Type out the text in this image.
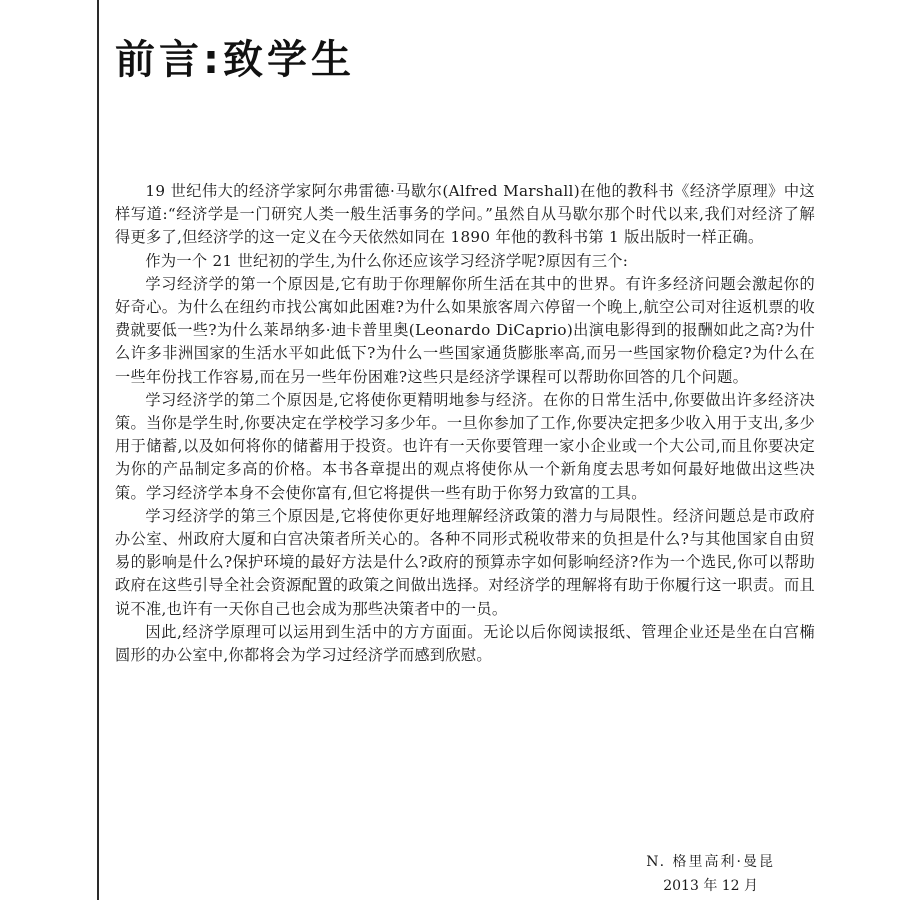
前言:致学生

19 世纪伟大的经济学家阿尔弗雷德·马歇尔(Alfred Marshall)在他的教科书《经济学原理》中这样写道:“经济学是一门研究人类一般生活事务的学问。”虽然自从马歇尔那个时代以来,我们对经济了解得更多了,但经济学的这一定义在今天依然如同在 1890 年他的教科书第 1 版出版时一样正确。

作为一个 21 世纪初的学生,为什么你还应该学习经济学呢?原因有三个:

学习经济学的第一个原因是,它有助于你理解你所生活在其中的世界。有许多经济问题会激起你的好奇心。为什么在纽约市找公寓如此困难?为什么如果旅客周六停留一个晚上,航空公司对往返机票的收费就要低一些?为什么莱昂纳多·迪卡普里奥(Leonardo DiCaprio)出演电影得到的报酬如此之高?为什么许多非洲国家的生活水平如此低下?为什么一些国家通货膨胀率高,而另一些国家物价稳定?为什么在一些年份找工作容易,而在另一些年份困难?这些只是经济学课程可以帮助你回答的几个问题。

学习经济学的第二个原因是,它将使你更精明地参与经济。在你的日常生活中,你要做出许多经济决策。当你是学生时,你要决定在学校学习多少年。一旦你参加了工作,你要决定把多少收入用于支出,多少用于储蓄,以及如何将你的储蓄用于投资。也许有一天你要管理一家小企业或一个大公司,而且你要决定为你的产品制定多高的价格。本书各章提出的观点将使你从一个新角度去思考如何最好地做出这些决策。学习经济学本身不会使你富有,但它将提供一些有助于你努力致富的工具。

学习经济学的第三个原因是,它将使你更好地理解经济政策的潜力与局限性。经济问题总是市政府办公室、州政府大厦和白宫决策者所关心的。各种不同形式税收带来的负担是什么?与其他国家自由贸易的影响是什么?保护环境的最好方法是什么?政府的预算赤字如何影响经济?作为一个选民,你可以帮助政府在这些引导全社会资源配置的政策之间做出选择。对经济学的理解将有助于你履行这一职责。而且说不准,也许有一天你自己也会成为那些决策者中的一员。

因此,经济学原理可以运用到生活中的方方面面。无论以后你阅读报纸、管理企业还是坐在白宫椭圆形的办公室中,你都将会为学习过经济学而感到欣慰。

N. 格里高利·曼昆
2013 年 12 月
